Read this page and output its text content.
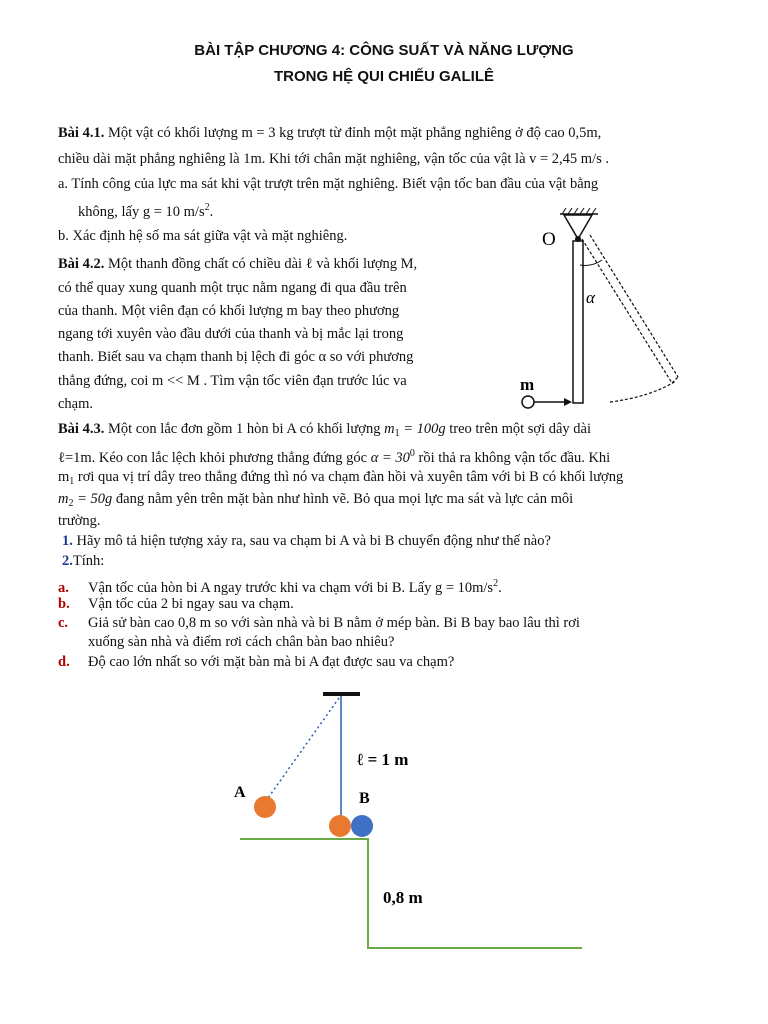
BÀI TẬP CHƯƠNG 4: CÔNG SUẤT VÀ NĂNG LƯỢNG
TRONG HỆ QUI CHIẾU GALILÊ
Bài 4.1. Một vật có khối lượng m = 3 kg trượt từ đỉnh một mặt phẳng nghiêng ở độ cao 0,5m,
chiều dài mặt phẳng nghiêng là 1m. Khi tới chân mặt nghiêng, vận tốc của vật là v = 2,45 m/s .
a. Tính công của lực ma sát khi vật trượt trên mặt nghiêng. Biết vận tốc ban đầu của vật bằng
không, lấy g = 10 $m/s^2$.
b. Xác định hệ số ma sát giữa vật và mặt nghiêng.
Bài 4.2. Một thanh đồng chất có chiều dài ℓ và khối lượng M,
có thể quay xung quanh một trục nằm ngang đi qua đầu trên
của thanh. Một viên đạn có khối lượng m bay theo phương
ngang tới xuyên vào đầu dưới của thanh và bị mắc lại trong
thanh. Biết sau va chạm thanh bị lệch đi góc α so với phương
thẳng đứng, coi m << M . Tìm vận tốc viên đạn trước lúc va
chạm.
O
α
m
Bài 4.3. Một con lắc đơn gồm 1 hòn bi A có khối lượng $m_1 = 100g$ treo trên một sợi dây dài
ℓ=1m. Kéo con lắc lệch khỏi phương thẳng đứng góc $\alpha = 30^0$ rồi thả ra không vận tốc đầu. Khi
$m_1$ rơi qua vị trí dây treo thẳng đứng thì nó va chạm đàn hồi và xuyên tâm với bi B có khối lượng
$m_2 = 50g$ đang nằm yên trên mặt bàn như hình vẽ. Bỏ qua mọi lực ma sát và lực cản môi
trường.
1. Hãy mô tả hiện tượng xảy ra, sau va chạm bi A và bi B chuyển động như thế nào?
2.Tính:
a. Vận tốc của hòn bi A ngay trước khi va chạm với bi B. Lấy $g = 10m/s^2$.
b. Vận tốc của 2 bi ngay sau va chạm.
c. Giả sử bàn cao 0,8 m so với sàn nhà và bi B nằm ở mép bàn. Bi B bay bao lâu thì rơi
xuống sàn nhà và điểm rơi cách chân bàn bao nhiêu?
d. Độ cao lớn nhất so với mặt bàn mà bi A đạt được sau va chạm?
A	B
ℓ = 1 m
0,8 m
